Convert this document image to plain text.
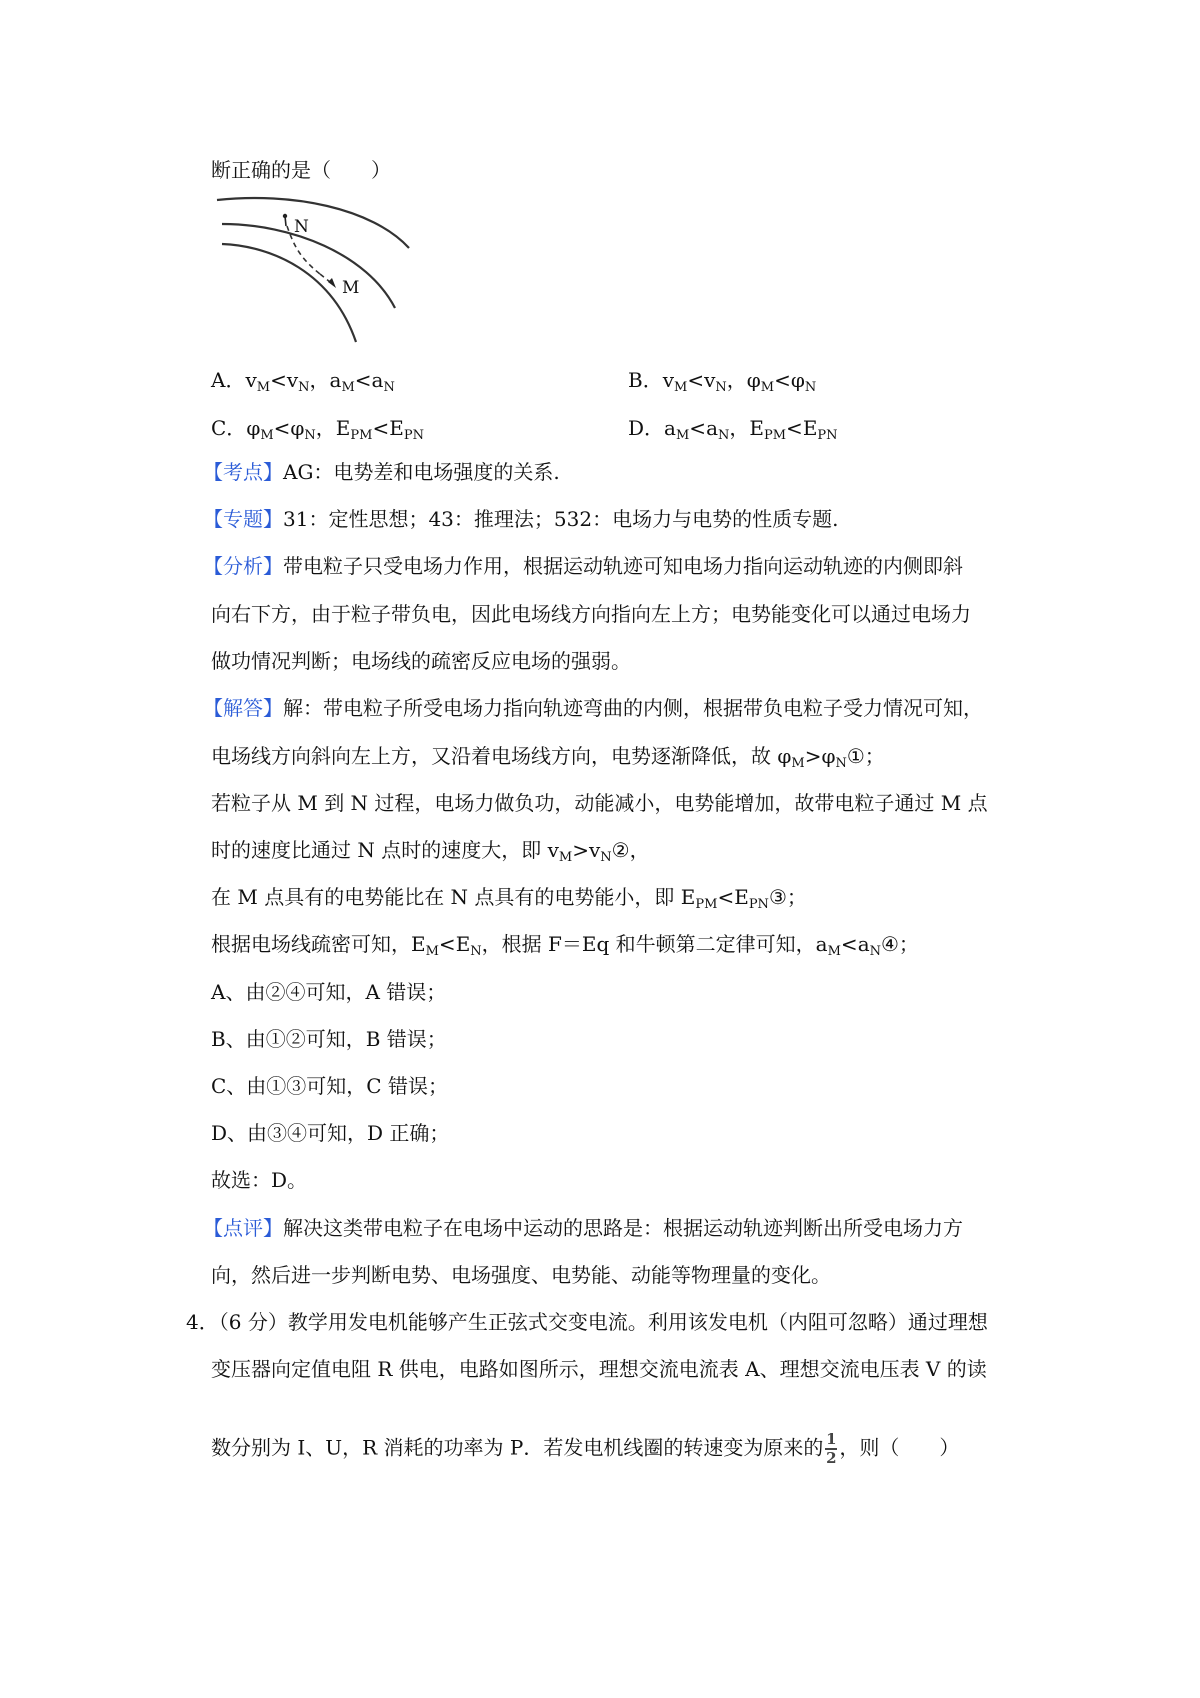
断正确的是（　　）
N
M
A．$v_M<v_N$，$a_M<a_N$	B．$v_M<v_N$，$\varphi_M<\varphi_N$
C．$\varphi_M<\varphi_N$，$E_{PM}<E_{PN}$	D．$a_M<a_N$，$E_{PM}<E_{PN}$
【考点】AG：电势差和电场强度的关系.
【专题】31：定性思想；43：推理法；532：电场力与电势的性质专题.
【分析】带电粒子只受电场力作用，根据运动轨迹可知电场力指向运动轨迹的内侧即斜
向右下方，由于粒子带负电，因此电场线方向指向左上方；电势能变化可以通过电场力
做功情况判断；电场线的疏密反应电场的强弱。
【解答】解：带电粒子所受电场力指向轨迹弯曲的内侧，根据带负电粒子受力情况可知，
电场线方向斜向左上方，又沿着电场线方向，电势逐渐降低，故 $\varphi_M>\varphi_N①$；
若粒子从 M 到 N 过程，电场力做负功，动能减小，电势能增加，故带电粒子通过 M 点
时的速度比通过 N 点时的速度大，即 $v_M>v_N②$，
在 M 点具有的电势能比在 N 点具有的电势能小，即 $E_{PM}<E_{PN}③$；
根据电场线疏密可知，$E_M<E_N$，根据 F＝Eq 和牛顿第二定律可知，$a_M<a_N④$；
A、由②④可知，A 错误；
B、由①②可知，B 错误；
C、由①③可知，C 错误；
D、由③④可知，D 正确；
故选：D。
【点评】解决这类带电粒子在电场中运动的思路是：根据运动轨迹判断出所受电场力方
向，然后进一步判断电势、电场强度、电势能、动能等物理量的变化。
4．（6 分）教学用发电机能够产生正弦式交变电流。利用该发电机（内阻可忽略）通过理想
变压器向定值电阻 R 供电，电路如图所示，理想交流电流表 A、理想交流电压表 V 的读
数分别为 I、U，R 消耗的功率为 P．若发电机线圈的转速变为原来的 $\frac{1}{2}$ ，则（　　）
